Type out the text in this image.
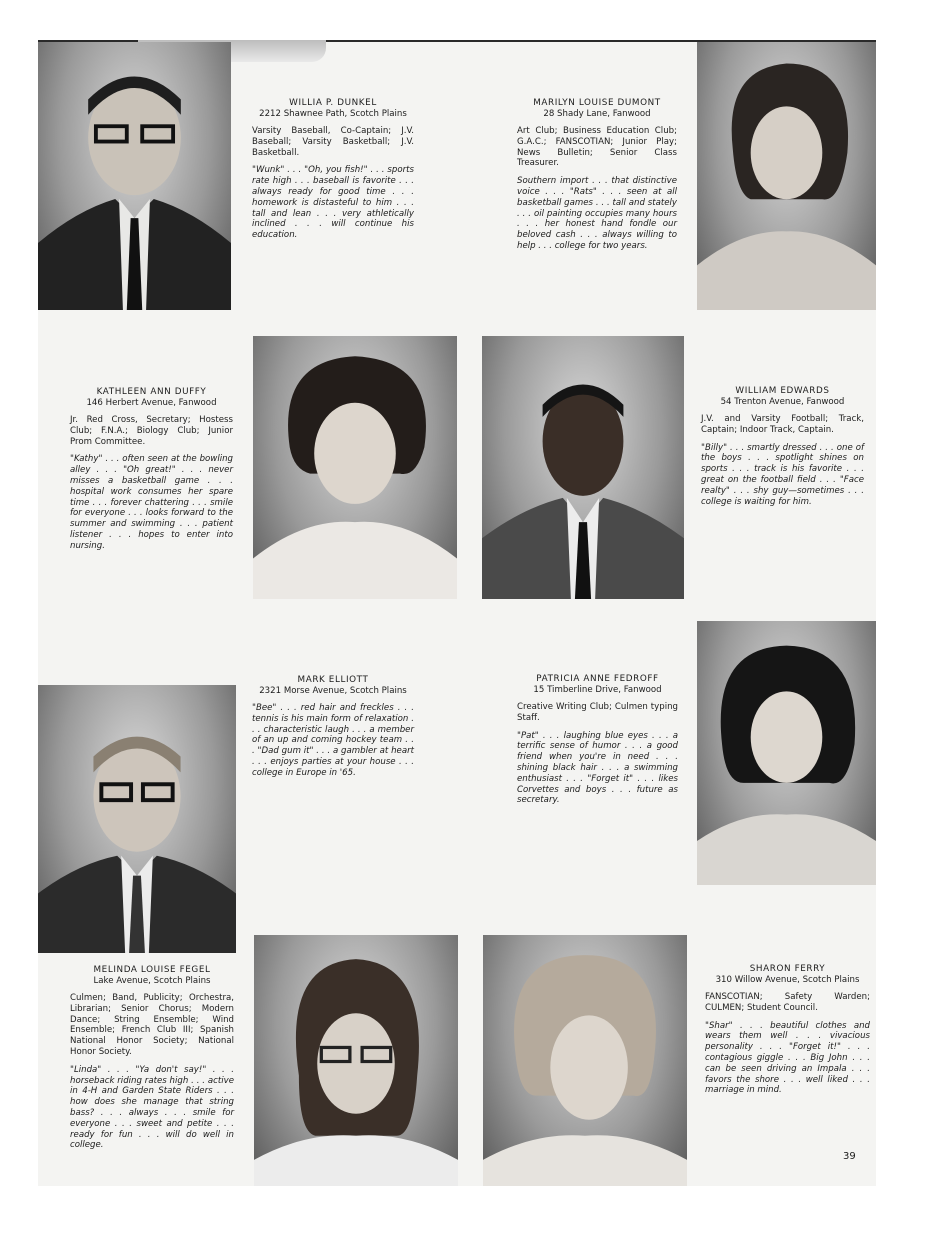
WILLIA P. DUNKEL
2212 Shawnee Path, Scotch Plains
Varsity Baseball, Co-Captain; J.V. Baseball; Varsity Basketball; J.V. Basketball.
"Wunk" . . . "Oh, you fish!" . . . sports rate high . . . baseball is favorite . . . always ready for good time . . . homework is distasteful to him . . . tall and lean . . . very athletically inclined . . . will continue his education.
MARILYN LOUISE DUMONT
28 Shady Lane, Fanwood
Art Club; Business Education Club; G.A.C.; FANSCOTIAN; Junior Play; News Bulletin; Senior Class Treasurer.
Southern import . . . that distinctive voice . . . "Rats" . . . seen at all basketball games . . . tall and stately . . . oil painting occupies many hours . . . her honest hand fondle our beloved cash . . . always willing to help . . . college for two years.
KATHLEEN ANN DUFFY
146 Herbert Avenue, Fanwood
Jr. Red Cross, Secretary; Hostess Club; F.N.A.; Biology Club; Junior Prom Committee.
"Kathy" . . . often seen at the bowling alley . . . "Oh great!" . . . never misses a basketball game . . . hospital work consumes her spare time . . . forever chattering . . . smile for everyone . . . looks forward to the summer and swimming . . . patient listener . . . hopes to enter into nursing.
WILLIAM EDWARDS
54 Trenton Avenue, Fanwood
J.V. and Varsity Football; Track, Captain; Indoor Track, Captain.
"Billy" . . . smartly dressed . . . one of the boys . . . spotlight shines on sports . . . track is his favorite . . . great on the football field . . . "Face realty" . . . shy guy—sometimes . . . college is waiting for him.
MARK ELLIOTT
2321 Morse Avenue, Scotch Plains
"Bee" . . . red hair and freckles . . . tennis is his main form of relaxation . . . characteristic laugh . . . a member of an up and coming hockey team . . . "Dad gum it" . . . a gambler at heart . . . enjoys parties at your house . . . college in Europe in '65.
PATRICIA ANNE FEDROFF
15 Timberline Drive, Fanwood
Creative Writing Club; Culmen typing Staff.
"Pat" . . . laughing blue eyes . . . a terrific sense of humor . . . a good friend when you're in need . . . shining black hair . . . a swimming enthusiast . . . "Forget it" . . . likes Corvettes and boys . . . future as secretary.
MELINDA LOUISE FEGEL
Lake Avenue, Scotch Plains
Culmen; Band, Publicity; Orchestra, Librarian; Senior Chorus; Modern Dance; String Ensemble; Wind Ensemble; French Club III; Spanish National Honor Society; National Honor Society.
"Linda" . . . "Ya don't say!" . . . horseback riding rates high . . . active in 4-H and Garden State Riders . . . how does she manage that string bass? . . . always . . . smile for everyone . . . sweet and petite . . . ready for fun . . . will do well in college.
SHARON FERRY
310 Willow Avenue, Scotch Plains
FANSCOTIAN; Safety Warden; CULMEN; Student Council.
"Shar" . . . beautiful clothes and wears them well . . . vivacious personality . . . "Forget it!" . . . contagious giggle . . . Big John . . . can be seen driving an Impala . . . favors the shore . . . well liked . . . marriage in mind.
39
